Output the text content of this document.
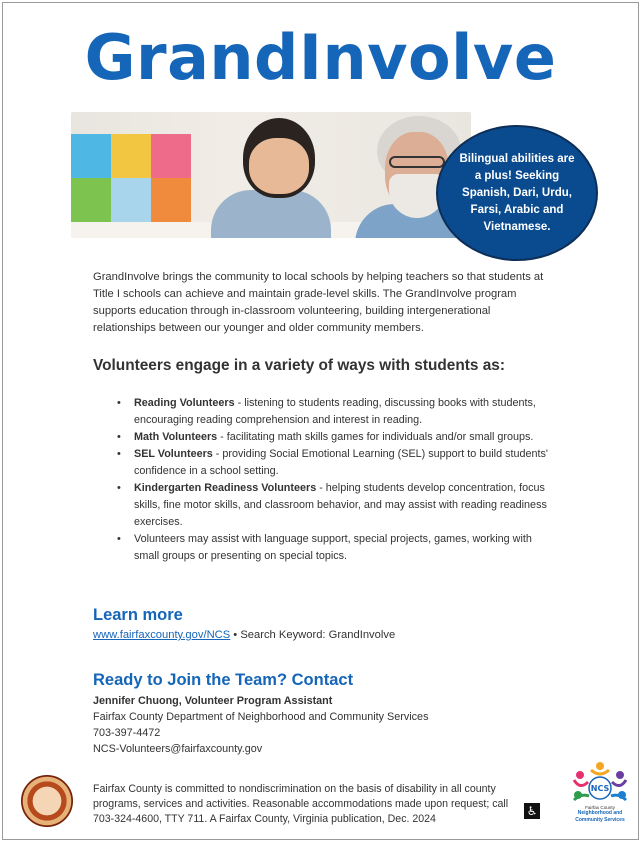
GrandInvolve

Bilingual abilities are a plus! Seeking Spanish, Dari, Urdu, Farsi, Arabic and Vietnamese.

GrandInvolve brings the community to local schools by helping teachers so that students at Title I schools can achieve and maintain grade-level skills. The GrandInvolve program supports education through in-classroom volunteering, building intergenerational relationships between our younger and older community members.

Volunteers engage in a variety of ways with students as:
• Reading Volunteers - listening to students reading, discussing books with students, encouraging reading comprehension and interest in reading.
• Math Volunteers - facilitating math skills games for individuals and/or small groups.
• SEL Volunteers - providing Social Emotional Learning (SEL) support to build students' confidence in a school setting.
• Kindergarten Readiness Volunteers - helping students develop concentration, focus skills, fine motor skills, and classroom behavior, and may assist with reading readiness exercises.
• Volunteers may assist with language support, special projects, games, working with small groups or presenting on special topics.
Learn more

www.fairfaxcounty.gov/NCS • Search Keyword: GrandInvolve

Ready to Join the Team? Contact
Jennifer Chuong, Volunteer Program Assistant
Fairfax County Department of Neighborhood and Community Services
703-397-4472
NCS-Volunteers@fairfaxcounty.gov

Fairfax County is committed to nondiscrimination on the basis of disability in all county programs, services and activities. Reasonable accommodations made upon request; call 703-324-4600, TTY 711. A Fairfax County, Virginia publication, Dec. 2024

♿
NCS
Fairfax County
Neighborhood and
Community Services
